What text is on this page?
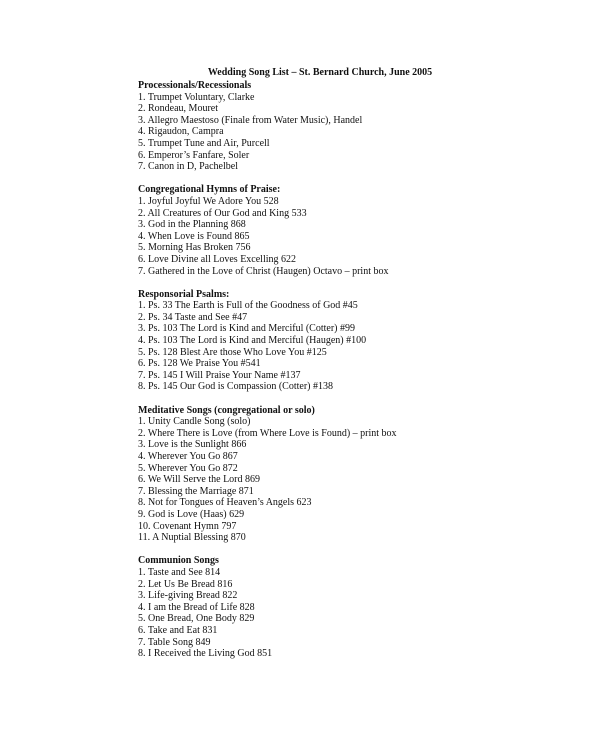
Wedding Song List – St. Bernard Church, June 2005
Processionals/Recessionals
1. Trumpet Voluntary, Clarke
2. Rondeau, Mouret
3. Allegro Maestoso (Finale from Water Music), Handel
4. Rigaudon, Campra
5. Trumpet Tune and Air, Purcell
6. Emperor’s Fanfare, Soler
7. Canon in D, Pachelbel
Congregational Hymns of Praise:
1. Joyful Joyful We Adore You 528
2. All Creatures of Our God and King 533
3. God in the Planning 868
4. When Love is Found 865
5. Morning Has Broken 756
6. Love Divine all Loves Excelling 622
7. Gathered in the Love of Christ (Haugen) Octavo – print box
Responsorial Psalms:
1. Ps. 33 The Earth is Full of the Goodness of God #45
2. Ps. 34 Taste and See #47
3. Ps. 103 The Lord is Kind and Merciful (Cotter) #99
4. Ps. 103 The Lord is Kind and Merciful (Haugen) #100
5. Ps. 128 Blest Are those Who Love You #125
6. Ps. 128 We Praise You #541
7. Ps. 145 I Will Praise Your Name #137
8. Ps. 145 Our God is Compassion (Cotter) #138
Meditative Songs (congregational or solo)
1. Unity Candle Song (solo)
2. Where There is Love (from Where Love is Found) – print box
3. Love is the Sunlight 866
4. Wherever You Go 867
5. Wherever You Go 872
6. We Will Serve the Lord 869
7. Blessing the Marriage 871
8. Not for Tongues of Heaven’s Angels 623
9. God is Love (Haas) 629
10. Covenant Hymn 797
11. A Nuptial Blessing 870
Communion Songs
1. Taste and See 814
2. Let Us Be Bread 816
3. Life-giving Bread 822
4. I am the Bread of Life 828
5. One Bread, One Body 829
6. Take and Eat 831
7. Table Song 849
8. I Received the Living God 851
